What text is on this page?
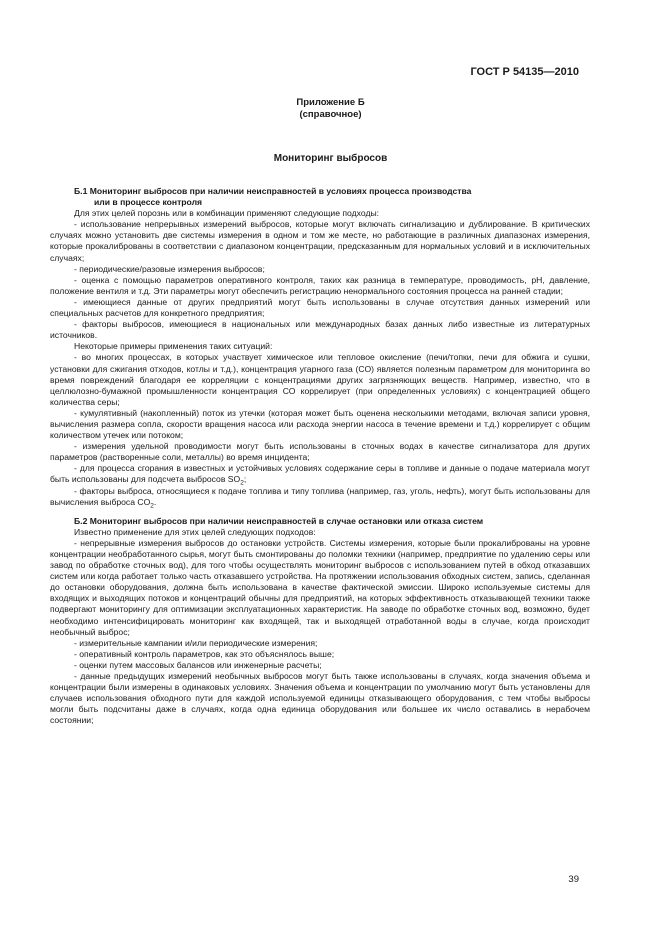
ГОСТ Р 54135—2010
Приложение Б
(справочное)
Мониторинг выбросов
Б.1 Мониторинг выбросов при наличии неисправностей в условиях процесса производства
или в процессе контроля

Для этих целей порознь или в комбинации применяют следующие подходы:

- использование непрерывных измерений выбросов, которые могут включать сигнализацию и дублирование. В критических случаях можно установить две системы измерения в одном и том же месте, но работающие в различных диапазонах измерения, которые прокалиброваны в соответствии с диапазоном концентрации, предсказанным для нормальных условий и в исключительных случаях;

- периодические/разовые измерения выбросов;

- оценка с помощью параметров оперативного контроля, таких как разница в температуре, проводимость, рН, давление, положение вентиля и т.д. Эти параметры могут обеспечить регистрацию ненормального состояния процесса на ранней стадии;

- имеющиеся данные от других предприятий могут быть использованы в случае отсутствия данных измерений или специальных расчетов для конкретного предприятия;

- факторы выбросов, имеющиеся в национальных или международных базах данных либо известные из литературных источников.

Некоторые примеры применения таких ситуаций:

- во многих процессах, в которых участвует химическое или тепловое окисление (печи/топки, печи для обжига и сушки, установки для сжигания отходов, котлы и т.д.), концентрация угарного газа (СО) является полезным параметром для мониторинга во время повреждений благодаря ее корреляции с концентрациями других загрязняющих веществ. Например, известно, что в целлюлозно-бумажной промышленности концентрация СО коррелирует (при определенных условиях) с концентрацией общего количества серы;

- кумулятивный (накопленный) поток из утечки (которая может быть оценена несколькими методами, включая записи уровня, вычисления размера сопла, скорости вращения насоса или расхода энергии насоса в течение времени и т.д.) коррелирует с общим количеством утечек или потоком;

- измерения удельной проводимости могут быть использованы в сточных водах в качестве сигнализатора для других параметров (растворенные соли, металлы) во время инцидента;

- для процесса сгорания в известных и устойчивых условиях содержание серы в топливе и данные о подаче материала могут быть использованы для подсчета выбросов $SO_2$;

- факторы выброса, относящиеся к подаче топлива и типу топлива (например, газ, уголь, нефть), могут быть использованы для вычисления выброса $CO_2$.

Б.2 Мониторинг выбросов при наличии неисправностей в случае остановки или отказа систем

Известно применение для этих целей следующих подходов:

- непрерывные измерения выбросов до остановки устройств. Системы измерения, которые были прокалиброваны на уровне концентрации необработанного сырья, могут быть смонтированы до поломки техники (например, предприятие по удалению серы или завод по обработке сточных вод), для того чтобы осуществлять мониторинг выбросов с использованием путей в обход отказавших систем или когда работает только часть отказавшего устройства. На протяжении использования обходных систем, запись, сделанная до остановки оборудования, должна быть использована в качестве фактической эмиссии. Широко используемые системы для входящих и выходящих потоков и концентраций обычны для предприятий, на которых эффективность отказывающей техники также подвергают мониторингу для оптимизации эксплуатационных характеристик. На заводе по обработке сточных вод, возможно, будет необходимо интенсифицировать мониторинг как входящей, так и выходящей отработанной воды в случае, когда происходит необычный выброс;

- измерительные кампании и/или периодические измерения;

- оперативный контроль параметров, как это объяснялось выше;

- оценки путем массовых балансов или инженерные расчеты;

- данные предыдущих измерений необычных выбросов могут быть также использованы в случаях, когда значения объема и концентрации были измерены в одинаковых условиях. Значения объема и концентрации по умолчанию могут быть установлены для случаев использования обходного пути для каждой используемой единицы отказывающего оборудования, с тем чтобы выбросы могли быть подсчитаны даже в случаях, когда одна единица оборудования или большее их число оставались в нерабочем состоянии;

39
